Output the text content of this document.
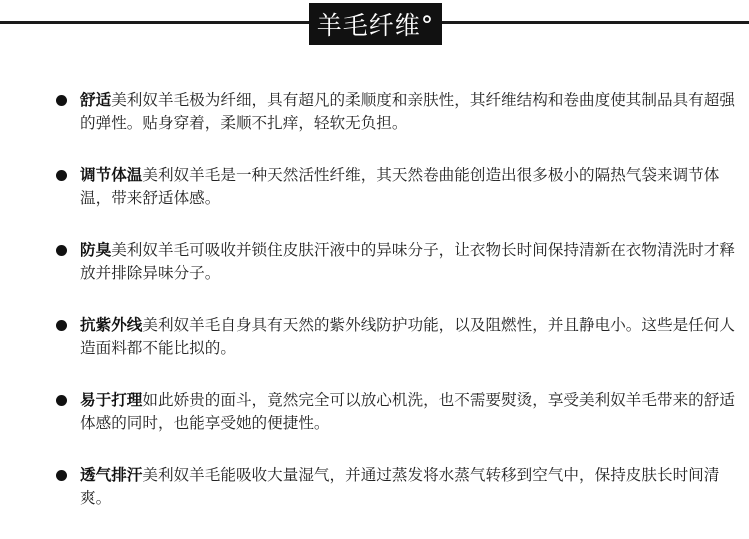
羊毛纤维°
舒适美利奴羊毛极为纤细，具有超凡的柔顺度和亲肤性，其纤维结构和卷曲度使其制品具有超强的弹性。贴身穿着，柔顺不扎痒，轻软无负担。
调节体温美利奴羊毛是一种天然活性纤维，其天然卷曲能创造出很多极小的隔热气袋来调节体温，带来舒适体感。
防臭美利奴羊毛可吸收并锁住皮肤汗液中的异味分子，让衣物长时间保持清新在衣物清洗时才释放并排除异味分子。
抗紫外线美利奴羊毛自身具有天然的紫外线防护功能，以及阻燃性，并且静电小。这些是任何人造面料都不能比拟的。
易于打理如此娇贵的面斗，竟然完全可以放心机洗，也不需要熨烫，享受美利奴羊毛带来的舒适体感的同时，也能享受她的便捷性。
透气排汗美利奴羊毛能吸收大量湿气，并通过蒸发将水蒸气转移到空气中，保持皮肤长时间清爽。
